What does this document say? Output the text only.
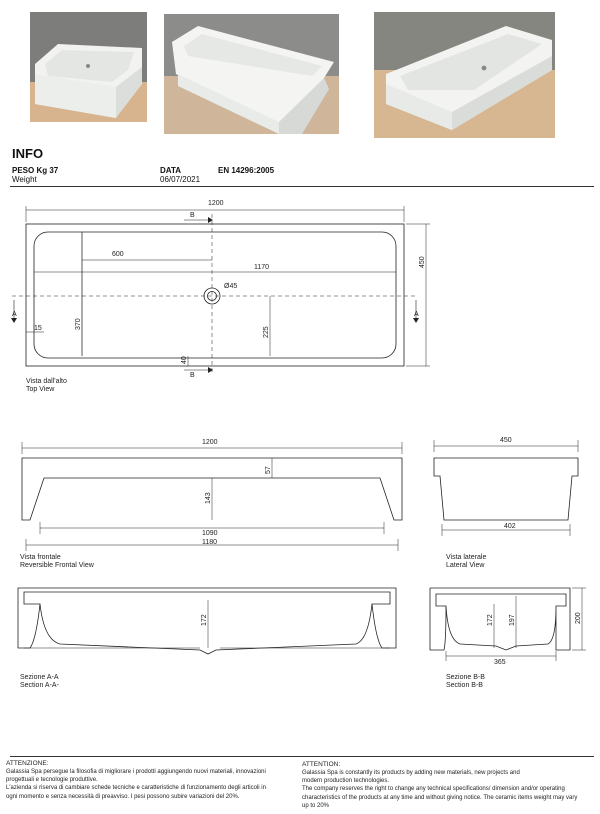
INFO
PESO Kg 37
Weight
DATA
06/07/2021
EN 14296:2005
1200
600
1170
Ø45
B
B
A	A
15	370
225
40
450
1200
57
143
1090
1180
450
402
172	172 197	200
365
Vista dall'alto
Top View
Vista frontale
Reversible Frontal View
Vista laterale
Lateral View
Sezione A-A
Section A-A-
Sezione B-B
Section B-B
ATTENZIONE:
Galassia Spa persegue la filosofia di migliorare i prodotti aggiungendo nuovi materiali, innovazioni
progettuali e tecnologie produttive.
L'azienda si riserva di cambiare schede tecniche e caratteristiche di funzionamento degli articoli in
ogni momento e senza necessità di preavviso. I pesi possono subire variazioni del 20%.
ATTENTION:
Galassia Spa is constantly its products by adding new materials, new projects and
modern production technologies.
The company reserves the right to change any technical specifications/ dimension and/or operating
characteristics of the products at any time and without giving notice. The ceramic items weight may vary
up to 20%
